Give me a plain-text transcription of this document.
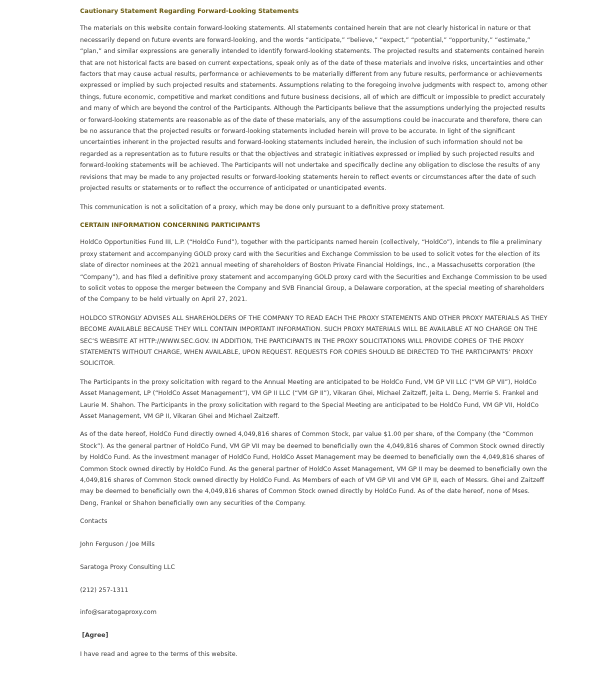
Cautionary Statement Regarding Forward-Looking Statements

The materials on this website contain forward-looking statements. All statements contained herein that are not clearly historical in nature or that necessarily depend on future events are forward-looking, and the words “anticipate,” “believe,” “expect,” “potential,” “opportunity,” “estimate,” “plan,” and similar expressions are generally intended to identify forward-looking statements. The projected results and statements contained herein that are not historical facts are based on current expectations, speak only as of the date of these materials and involve risks, uncertainties and other factors that may cause actual results, performance or achievements to be materially different from any future results, performance or achievements expressed or implied by such projected results and statements. Assumptions relating to the foregoing involve judgments with respect to, among other things, future economic, competitive and market conditions and future business decisions, all of which are difficult or impossible to predict accurately and many of which are beyond the control of the Participants. Although the Participants believe that the assumptions underlying the projected results or forward-looking statements are reasonable as of the date of these materials, any of the assumptions could be inaccurate and therefore, there can be no assurance that the projected results or forward-looking statements included herein will prove to be accurate. In light of the significant uncertainties inherent in the projected results and forward-looking statements included herein, the inclusion of such information should not be regarded as a representation as to future results or that the objectives and strategic initiatives expressed or implied by such projected results and forward-looking statements will be achieved. The Participants will not undertake and specifically decline any obligation to disclose the results of any revisions that may be made to any projected results or forward-looking statements herein to reflect events or circumstances after the date of such projected results or statements or to reflect the occurrence of anticipated or unanticipated events.

This communication is not a solicitation of a proxy, which may be done only pursuant to a definitive proxy statement.

CERTAIN INFORMATION CONCERNING PARTICIPANTS

HoldCo Opportunities Fund III, L.P. (“HoldCo Fund”), together with the participants named herein (collectively, “HoldCo”), intends to file a preliminary proxy statement and accompanying GOLD proxy card with the Securities and Exchange Commission to be used to solicit votes for the election of its slate of director nominees at the 2021 annual meeting of shareholders of Boston Private Financial Holdings, Inc., a Massachusetts corporation (the “Company”), and has filed a definitive proxy statement and accompanying GOLD proxy card with the Securities and Exchange Commission to be used to solicit votes to oppose the merger between the Company and SVB Financial Group, a Delaware corporation, at the special meeting of shareholders of the Company to be held virtually on April 27, 2021.

HOLDCO STRONGLY ADVISES ALL SHAREHOLDERS OF THE COMPANY TO READ EACH THE PROXY STATEMENTS AND OTHER PROXY MATERIALS AS THEY BECOME AVAILABLE BECAUSE THEY WILL CONTAIN IMPORTANT INFORMATION. SUCH PROXY MATERIALS WILL BE AVAILABLE AT NO CHARGE ON THE SEC’S WEBSITE AT HTTP://WWW.SEC.GOV. IN ADDITION, THE PARTICIPANTS IN THE PROXY SOLICITATIONS WILL PROVIDE COPIES OF THE PROXY STATEMENTS WITHOUT CHARGE, WHEN AVAILABLE, UPON REQUEST. REQUESTS FOR COPIES SHOULD BE DIRECTED TO THE PARTICIPANTS’ PROXY SOLICITOR.

The Participants in the proxy solicitation with regard to the Annual Meeting are anticipated to be HoldCo Fund, VM GP VII LLC (“VM GP VII”), HoldCo Asset Management, LP (“HoldCo Asset Management”), VM GP II LLC (“VM GP II”), Vikaran Ghei, Michael Zaitzeff, Jeita L. Deng, Merrie S. Frankel and Laurie M. Shahon. The Participants in the proxy solicitation with regard to the Special Meeting are anticipated to be HoldCo Fund, VM GP VII, HoldCo Asset Management, VM GP II, Vikaran Ghei and Michael Zaitzeff.

As of the date hereof, HoldCo Fund directly owned 4,049,816 shares of Common Stock, par value $1.00 per share, of the Company (the “Common Stock”). As the general partner of HoldCo Fund, VM GP VII may be deemed to beneficially own the 4,049,816 shares of Common Stock owned directly by HoldCo Fund. As the investment manager of HoldCo Fund, HoldCo Asset Management may be deemed to beneficially own the 4,049,816 shares of Common Stock owned directly by HoldCo Fund. As the general partner of HoldCo Asset Management, VM GP II may be deemed to beneficially own the 4,049,816 shares of Common Stock owned directly by HoldCo Fund. As Members of each of VM GP VII and VM GP II, each of Messrs. Ghei and Zaitzeff may be deemed to beneficially own the 4,049,816 shares of Common Stock owned directly by HoldCo Fund. As of the date hereof, none of Mses. Deng, Frankel or Shahon beneficially own any securities of the Company.

Contacts
John Ferguson / Joe Mills
Saratoga Proxy Consulting LLC
(212) 257-1311
info@saratogaproxy.com
[Agree]
I have read and agree to the terms of this website.
